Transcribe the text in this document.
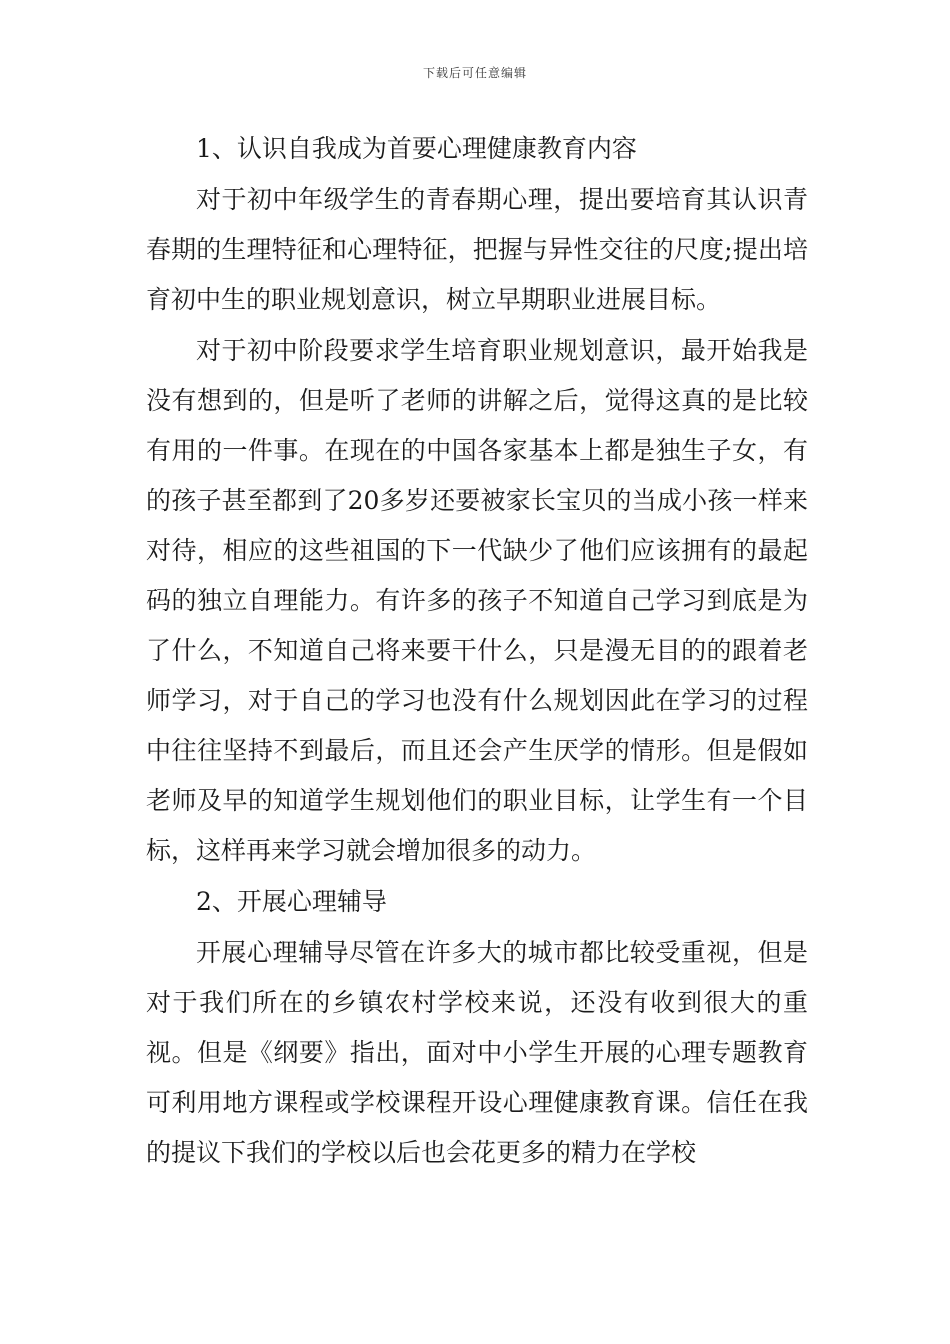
下载后可任意编辑
1、认识自我成为首要心理健康教育内容
对于初中年级学生的青春期心理，提出要培育其认识青春期的生理特征和心理特征，把握与异性交往的尺度;提出培育初中生的职业规划意识，树立早期职业进展目标。
对于初中阶段要求学生培育职业规划意识，最开始我是没有想到的，但是听了老师的讲解之后，觉得这真的是比较有用的一件事。在现在的中国各家基本上都是独生子女，有的孩子甚至都到了20多岁还要被家长宝贝的当成小孩一样来对待，相应的这些祖国的下一代缺少了他们应该拥有的最起码的独立自理能力。有许多的孩子不知道自己学习到底是为了什么，不知道自己将来要干什么，只是漫无目的的跟着老师学习，对于自己的学习也没有什么规划因此在学习的过程中往往坚持不到最后，而且还会产生厌学的情形。但是假如老师及早的知道学生规划他们的职业目标，让学生有一个目标，这样再来学习就会增加很多的动力。
2、开展心理辅导
开展心理辅导尽管在许多大的城市都比较受重视，但是对于我们所在的乡镇农村学校来说，还没有收到很大的重视。但是《纲要》指出，面对中小学生开展的心理专题教育可利用地方课程或学校课程开设心理健康教育课。信任在我的提议下我们的学校以后也会花更多的精力在学校
